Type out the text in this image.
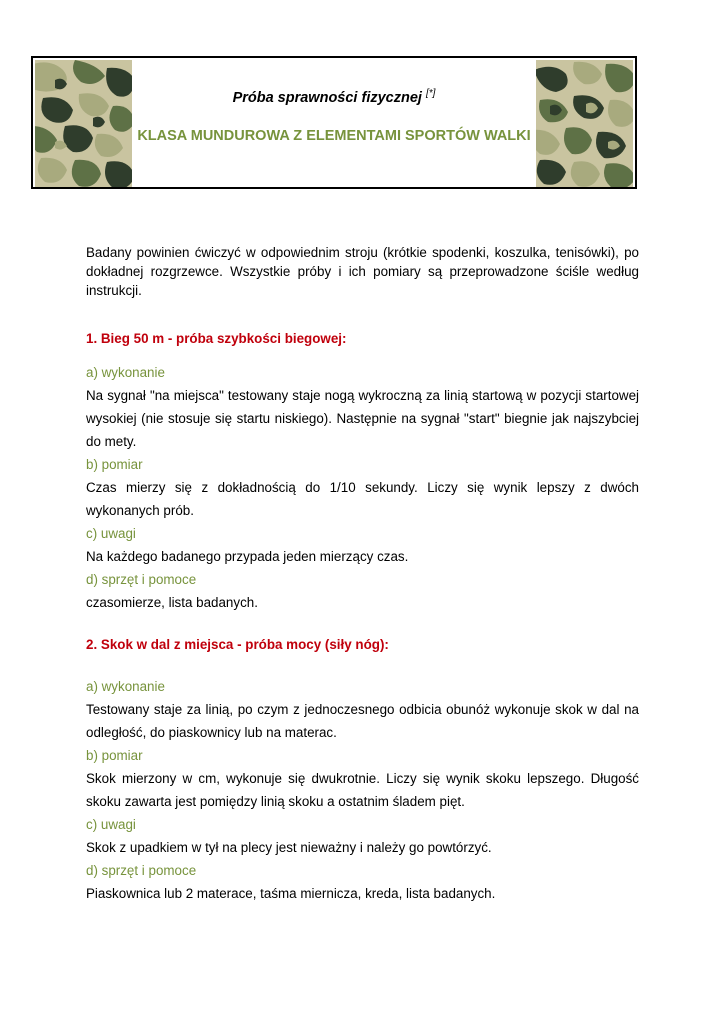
Próba sprawności fizycznej [*]
KLASA MUNDUROWA Z ELEMENTAMI SPORTÓW WALKI

Badany powinien ćwiczyć w odpowiednim stroju (krótkie spodenki, koszulka, tenisówki), po dokładnej rozgrzewce. Wszystkie próby i ich pomiary są przeprowadzone ściśle według instrukcji.

1. Bieg 50 m - próba szybkości biegowej:

a) wykonanie

Na sygnał "na miejsca" testowany staje nogą wykroczną za linią startową w pozycji startowej wysokiej (nie stosuje się startu niskiego). Następnie na sygnał "start" biegnie jak najszybciej do mety.

b) pomiar

Czas mierzy się z dokładnością do 1/10 sekundy. Liczy się wynik lepszy z dwóch wykonanych prób.

c) uwagi

Na każdego badanego przypada jeden mierzący czas.

d) sprzęt i pomoce

czasomierze, lista badanych.

2. Skok w dal z miejsca - próba mocy (siły nóg):

a) wykonanie

Testowany staje za linią, po czym z jednoczesnego odbicia obunóż wykonuje skok w dal na odległość, do piaskownicy lub na materac.

b) pomiar

Skok mierzony w cm, wykonuje się dwukrotnie. Liczy się wynik skoku lepszego. Długość skoku zawarta jest pomiędzy linią skoku a ostatnim śladem pięt.

c) uwagi

Skok z upadkiem w tył na plecy jest nieważny i należy go powtórzyć.

d) sprzęt i pomoce

Piaskownica lub 2 materace, taśma miernicza, kreda, lista badanych.
